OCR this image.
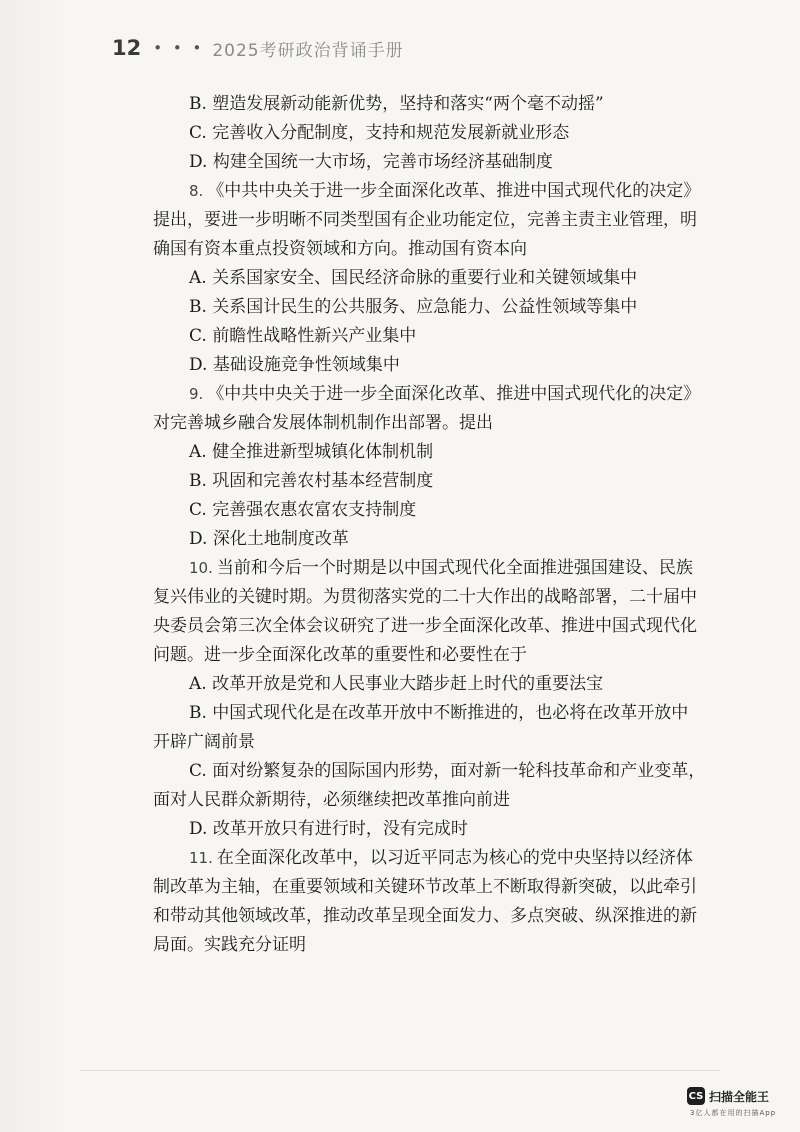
12 • • • 2025考研政治背诵手册
B. 塑造发展新动能新优势，坚持和落实“两个毫不动摇”
C. 完善收入分配制度，支持和规范发展新就业形态
D. 构建全国统一大市场，完善市场经济基础制度
8. 《中共中央关于进一步全面深化改革、推进中国式现代化的决定》
提出，要进一步明晰不同类型国有企业功能定位，完善主责主业管理，明
确国有资本重点投资领域和方向。推动国有资本向
A. 关系国家安全、国民经济命脉的重要行业和关键领域集中
B. 关系国计民生的公共服务、应急能力、公益性领域等集中
C. 前瞻性战略性新兴产业集中
D. 基础设施竞争性领域集中
9. 《中共中央关于进一步全面深化改革、推进中国式现代化的决定》
对完善城乡融合发展体制机制作出部署。提出
A. 健全推进新型城镇化体制机制
B. 巩固和完善农村基本经营制度
C. 完善强农惠农富农支持制度
D. 深化土地制度改革
10. 当前和今后一个时期是以中国式现代化全面推进强国建设、民族
复兴伟业的关键时期。为贯彻落实党的二十大作出的战略部署，二十届中
央委员会第三次全体会议研究了进一步全面深化改革、推进中国式现代化
问题。进一步全面深化改革的重要性和必要性在于
A. 改革开放是党和人民事业大踏步赶上时代的重要法宝
B. 中国式现代化是在改革开放中不断推进的，也必将在改革开放中
开辟广阔前景
C. 面对纷繁复杂的国际国内形势，面对新一轮科技革命和产业变革，
面对人民群众新期待，必须继续把改革推向前进
D. 改革开放只有进行时，没有完成时
11. 在全面深化改革中，以习近平同志为核心的党中央坚持以经济体
制改革为主轴，在重要领域和关键环节改革上不断取得新突破，以此牵引
和带动其他领域改革，推动改革呈现全面发力、多点突破、纵深推进的新
局面。实践充分证明
CS 扫描全能王
3亿人都在用的扫描App
